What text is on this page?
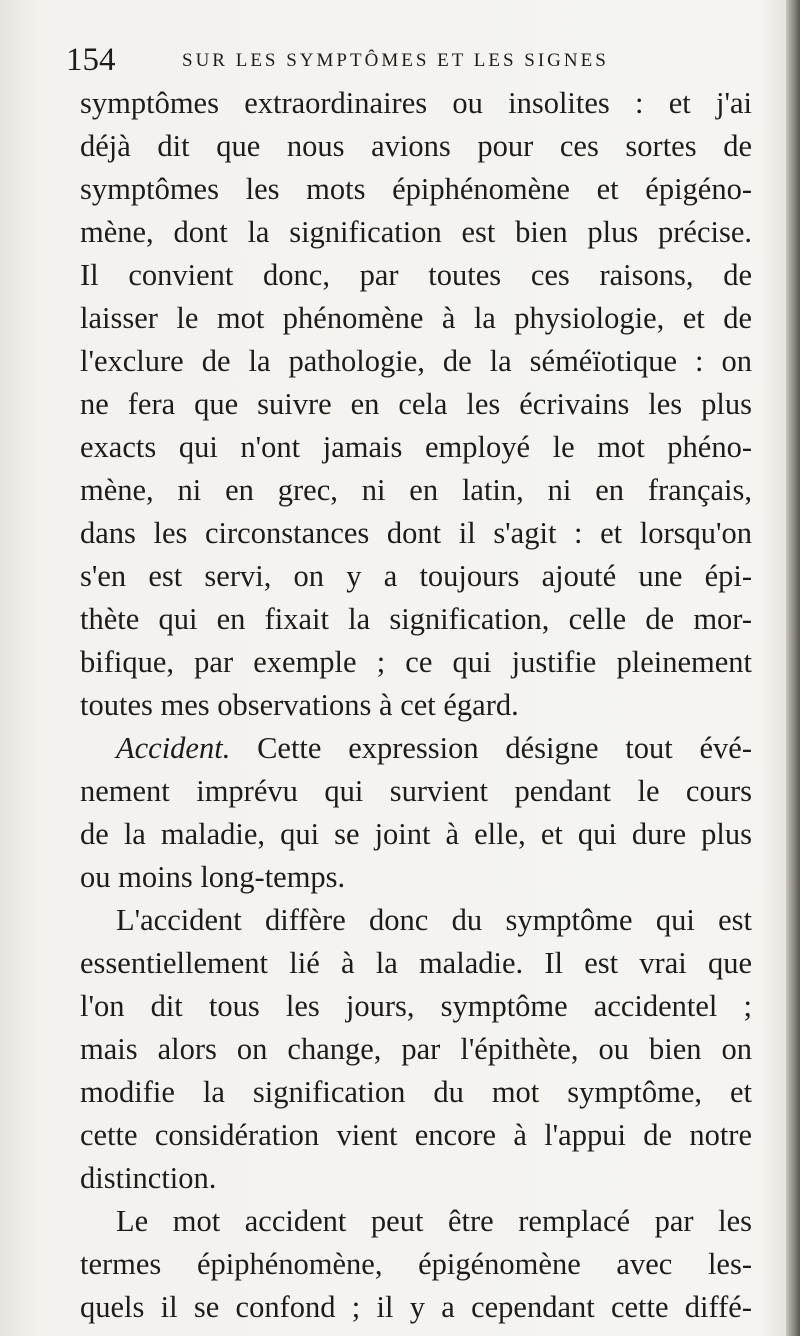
154	SUR LES SYMPTÔMES ET LES SIGNES
symptômes extraordinaires ou insolites : et j'ai
déjà dit que nous avions pour ces sortes de
symptômes les mots épiphénomène et épigéno-
mène, dont la signification est bien plus précise.
Il convient donc, par toutes ces raisons, de
laisser le mot phénomène à la physiologie, et de
l'exclure de la pathologie, de la séméïotique : on
ne fera que suivre en cela les écrivains les plus
exacts qui n'ont jamais employé le mot phéno-
mène, ni en grec, ni en latin, ni en français,
dans les circonstances dont il s'agit : et lorsqu'on
s'en est servi, on y a toujours ajouté une épi-
thète qui en fixait la signification, celle de mor-
bifique, par exemple ; ce qui justifie pleinement
toutes mes observations à cet égard.
Accident. Cette expression désigne tout évé-
nement imprévu qui survient pendant le cours
de la maladie, qui se joint à elle, et qui dure plus
ou moins long-temps.
L'accident diffère donc du symptôme qui est
essentiellement lié à la maladie. Il est vrai que
l'on dit tous les jours, symptôme accidentel ;
mais alors on change, par l'épithète, ou bien on
modifie la signification du mot symptôme, et
cette considération vient encore à l'appui de notre
distinction.
Le mot accident peut être remplacé par les
termes épiphénomène, épigénomène avec les-
quels il se confond ; il y a cependant cette diffé-
